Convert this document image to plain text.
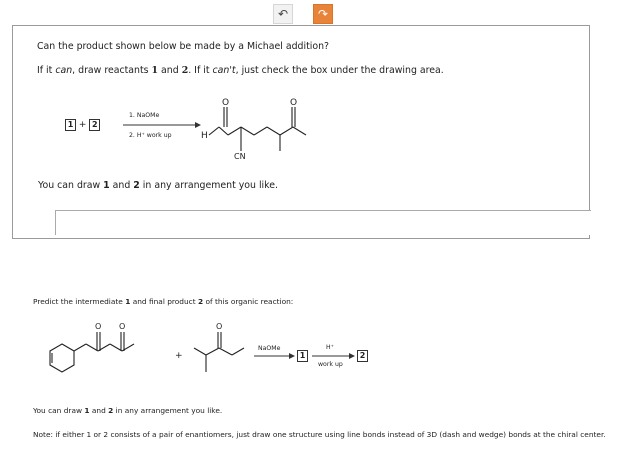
↶ ↷
Can the product shown below be made by a Michael addition?
If it can, draw reactants 1 and 2. If it can't, just check the box under the drawing area.
1 + 2
1. NaOMe
2. H⁺ work up	H
O	O
CN
You can draw 1 and 2 in any arrangement you like.
Predict the intermediate 1 and final product 2 of this organic reaction:
O O	O
+
NaOMe
→ 1
H⁺
work up
2
You can draw 1 and 2 in any arrangement you like.
Note: if either 1 or 2 consists of a pair of enantiomers, just draw one structure using line bonds instead of 3D (dash and wedge) bonds at the chiral center.
